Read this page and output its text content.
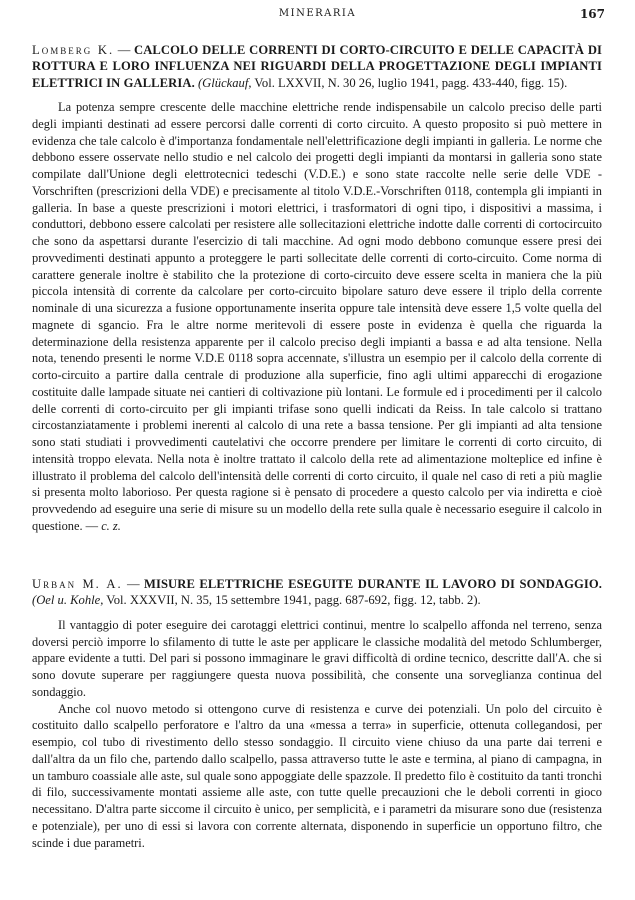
MINERARIA	167

Lomberg K. — CALCOLO DELLE CORRENTI DI CORTO-CIRCUITO E DELLE CAPACITÀ DI ROTTURA E LORO INFLUENZA NEI RIGUARDI DELLA PROGETTAZIONE DEGLI IMPIANTI ELETTRICI IN GALLERIA. (Glückauf, Vol. LXXVII, N. 30 26, luglio 1941, pagg. 433-440, figg. 15).

La potenza sempre crescente delle macchine elettriche rende indispensabile un calcolo preciso delle parti degli impianti destinati ad essere percorsi dalle correnti di corto circuito. A questo proposito si può mettere in evidenza che tale calcolo è d'importanza fondamentale nell'elettrificazione degli impianti in galleria. Le norme che debbono essere osservate nello studio e nel calcolo dei progetti degli impianti da montarsi in galleria sono state compilate dall'Unione degli elettrotecnici tedeschi (V.D.E.) e sono state raccolte nelle serie delle VDE - Vorschriften (prescrizioni della VDE) e precisamente al titolo V.D.E.-Vorschriften 0118, contempla gli impianti in galleria. In base a queste prescrizioni i motori elettrici, i trasformatori di ogni tipo, i dispositivi a massima, i conduttori, debbono essere calcolati per resistere alle sollecitazioni elettriche indotte dalle correnti di cortocircuito che sono da aspettarsi durante l'esercizio di tali macchine. Ad ogni modo debbono comunque essere presi dei provvedimenti destinati appunto a proteggere le parti sollecitate delle correnti di corto-circuito. Come norma di carattere generale inoltre è stabilito che la protezione di corto-circuito deve essere scelta in maniera che la più piccola intensità di corrente da calcolare per corto-circuito bipolare saturo deve essere il triplo della corrente nominale di una sicurezza a fusione opportunamente inserita oppure tale intensità deve essere 1,5 volte quella del magnete di sgancio. Fra le altre norme meritevoli di essere poste in evidenza è quella che riguarda la determinazione della resistenza apparente per il calcolo preciso degli impianti a bassa e ad alta tensione. Nella nota, tenendo presenti le norme V.D.E 0118 sopra accennate, s'illustra un esempio per il calcolo della corrente di corto-circuito a partire dalla centrale di produzione alla superficie, fino agli ultimi apparecchi di erogazione costituite dalle lampade situate nei cantieri di coltivazione più lontani. Le formule ed i procedimenti per il calcolo delle correnti di corto-circuito per gli impianti trifase sono quelli indicati da Reiss. In tale calcolo si trattano circostanziatamente i problemi inerenti al calcolo di una rete a bassa tensione. Per gli impianti ad alta tensione sono stati studiati i provvedimenti cautelativi che occorre prendere per limitare le correnti di corto circuito, di intensità troppo elevata. Nella nota è inoltre trattato il calcolo della rete ad alimentazione molteplice ed infine è illustrato il problema del calcolo dell'intensità delle correnti di corto circuito, il quale nel caso di reti a più maglie si presenta molto laborioso. Per questa ragione si è pensato di procedere a questo calcolo per via indiretta e cioè provvedendo ad eseguire una serie di misure su un modello della rete sulla quale è necessario eseguire il calcolo in questione. — c. z.

Urban M. A. — MISURE ELETTRICHE ESEGUITE DURANTE IL LAVORO DI SONDAGGIO. (Oel u. Kohle, Vol. XXXVII, N. 35, 15 settembre 1941, pagg. 687-692, figg. 12, tabb. 2).

Il vantaggio di poter eseguire dei carotaggi elettrici continui, mentre lo scalpello affonda nel terreno, senza doversi perciò imporre lo sfilamento di tutte le aste per applicare le classiche modalità del metodo Schlumberger, appare evidente a tutti. Del pari si possono immaginare le gravi difficoltà di ordine tecnico, descritte dall'A. che si sono dovute superare per raggiungere questa nuova possibilità, che consente una sorveglianza continua del sondaggio.

Anche col nuovo metodo si ottengono curve di resistenza e curve dei potenziali. Un polo del circuito è costituito dallo scalpello perforatore e l'altro da una «messa a terra» in superficie, ottenuta collegandosi, per esempio, col tubo di rivestimento dello stesso sondaggio. Il circuito viene chiuso da una parte dai terreni e dall'altra da un filo che, partendo dallo scalpello, passa attraverso tutte le aste e termina, al piano di campagna, in un tamburo coassiale alle aste, sul quale sono appoggiate delle spazzole. Il predetto filo è costituito da tanti tronchi di filo, successivamente montati assieme alle aste, con tutte quelle precauzioni che le deboli correnti in gioco necessitano. D'altra parte siccome il circuito è unico, per semplicità, e i parametri da misurare sono due (resistenza e potenziale), per uno di essi si lavora con corrente alternata, disponendo in superficie un opportuno filtro, che scinde i due parametri.
